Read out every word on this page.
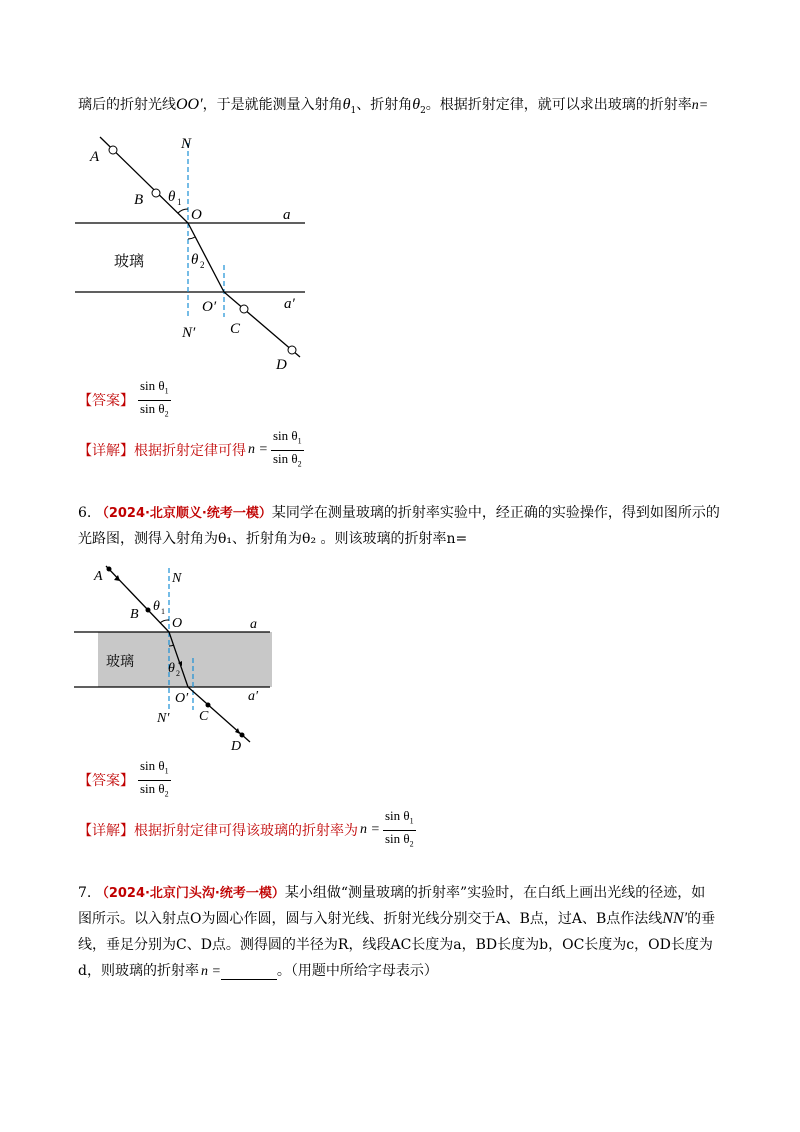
璃后的折射光线OO′，于是就能测量入射角$\theta_1$、折射角$\theta_2$。根据折射定律，就可以求出玻璃的折射率n=
A
B
N
θ 1
O	a
玻璃	θ 2
O′	a′
N′ C
D
【答案】 $\frac{\sin \theta_1}{\sin \theta_2}$
【详解】 根据折射定律可得 $n = \frac{\sin \theta_1}{\sin \theta_2}$
6. （2024·北京顺义·统考一模）某同学在测量玻璃的折射率实验中，经正确的实验操作，得到如图所示的
光路图，测得入射角为θ₁、折射角为θ₂ 。则该玻璃的折射率n=
A	N
B
θ 1
O	a
玻璃 θ 2
O′	a′
N′ C
D
【答案】 $\frac{\sin \theta_1}{\sin \theta_2}$
【详解】 根据折射定律可得该玻璃的折射率为 $n = \frac{\sin \theta_1}{\sin \theta_2}$
7. （2024·北京门头沟·统考一模）某小组做“测量玻璃的折射率”实验时，在白纸上画出光线的径迹，如
图所示。以入射点O为圆心作圆，圆与入射光线、折射光线分别交于A、B点，过A、B点作法线NN′的垂
线，垂足分别为C、D点。测得圆的半径为R，线段AC长度为a，BD长度为b，OC长度为c，OD长度为
d，则玻璃的折射率 n =	。（用题中所给字母表示）
